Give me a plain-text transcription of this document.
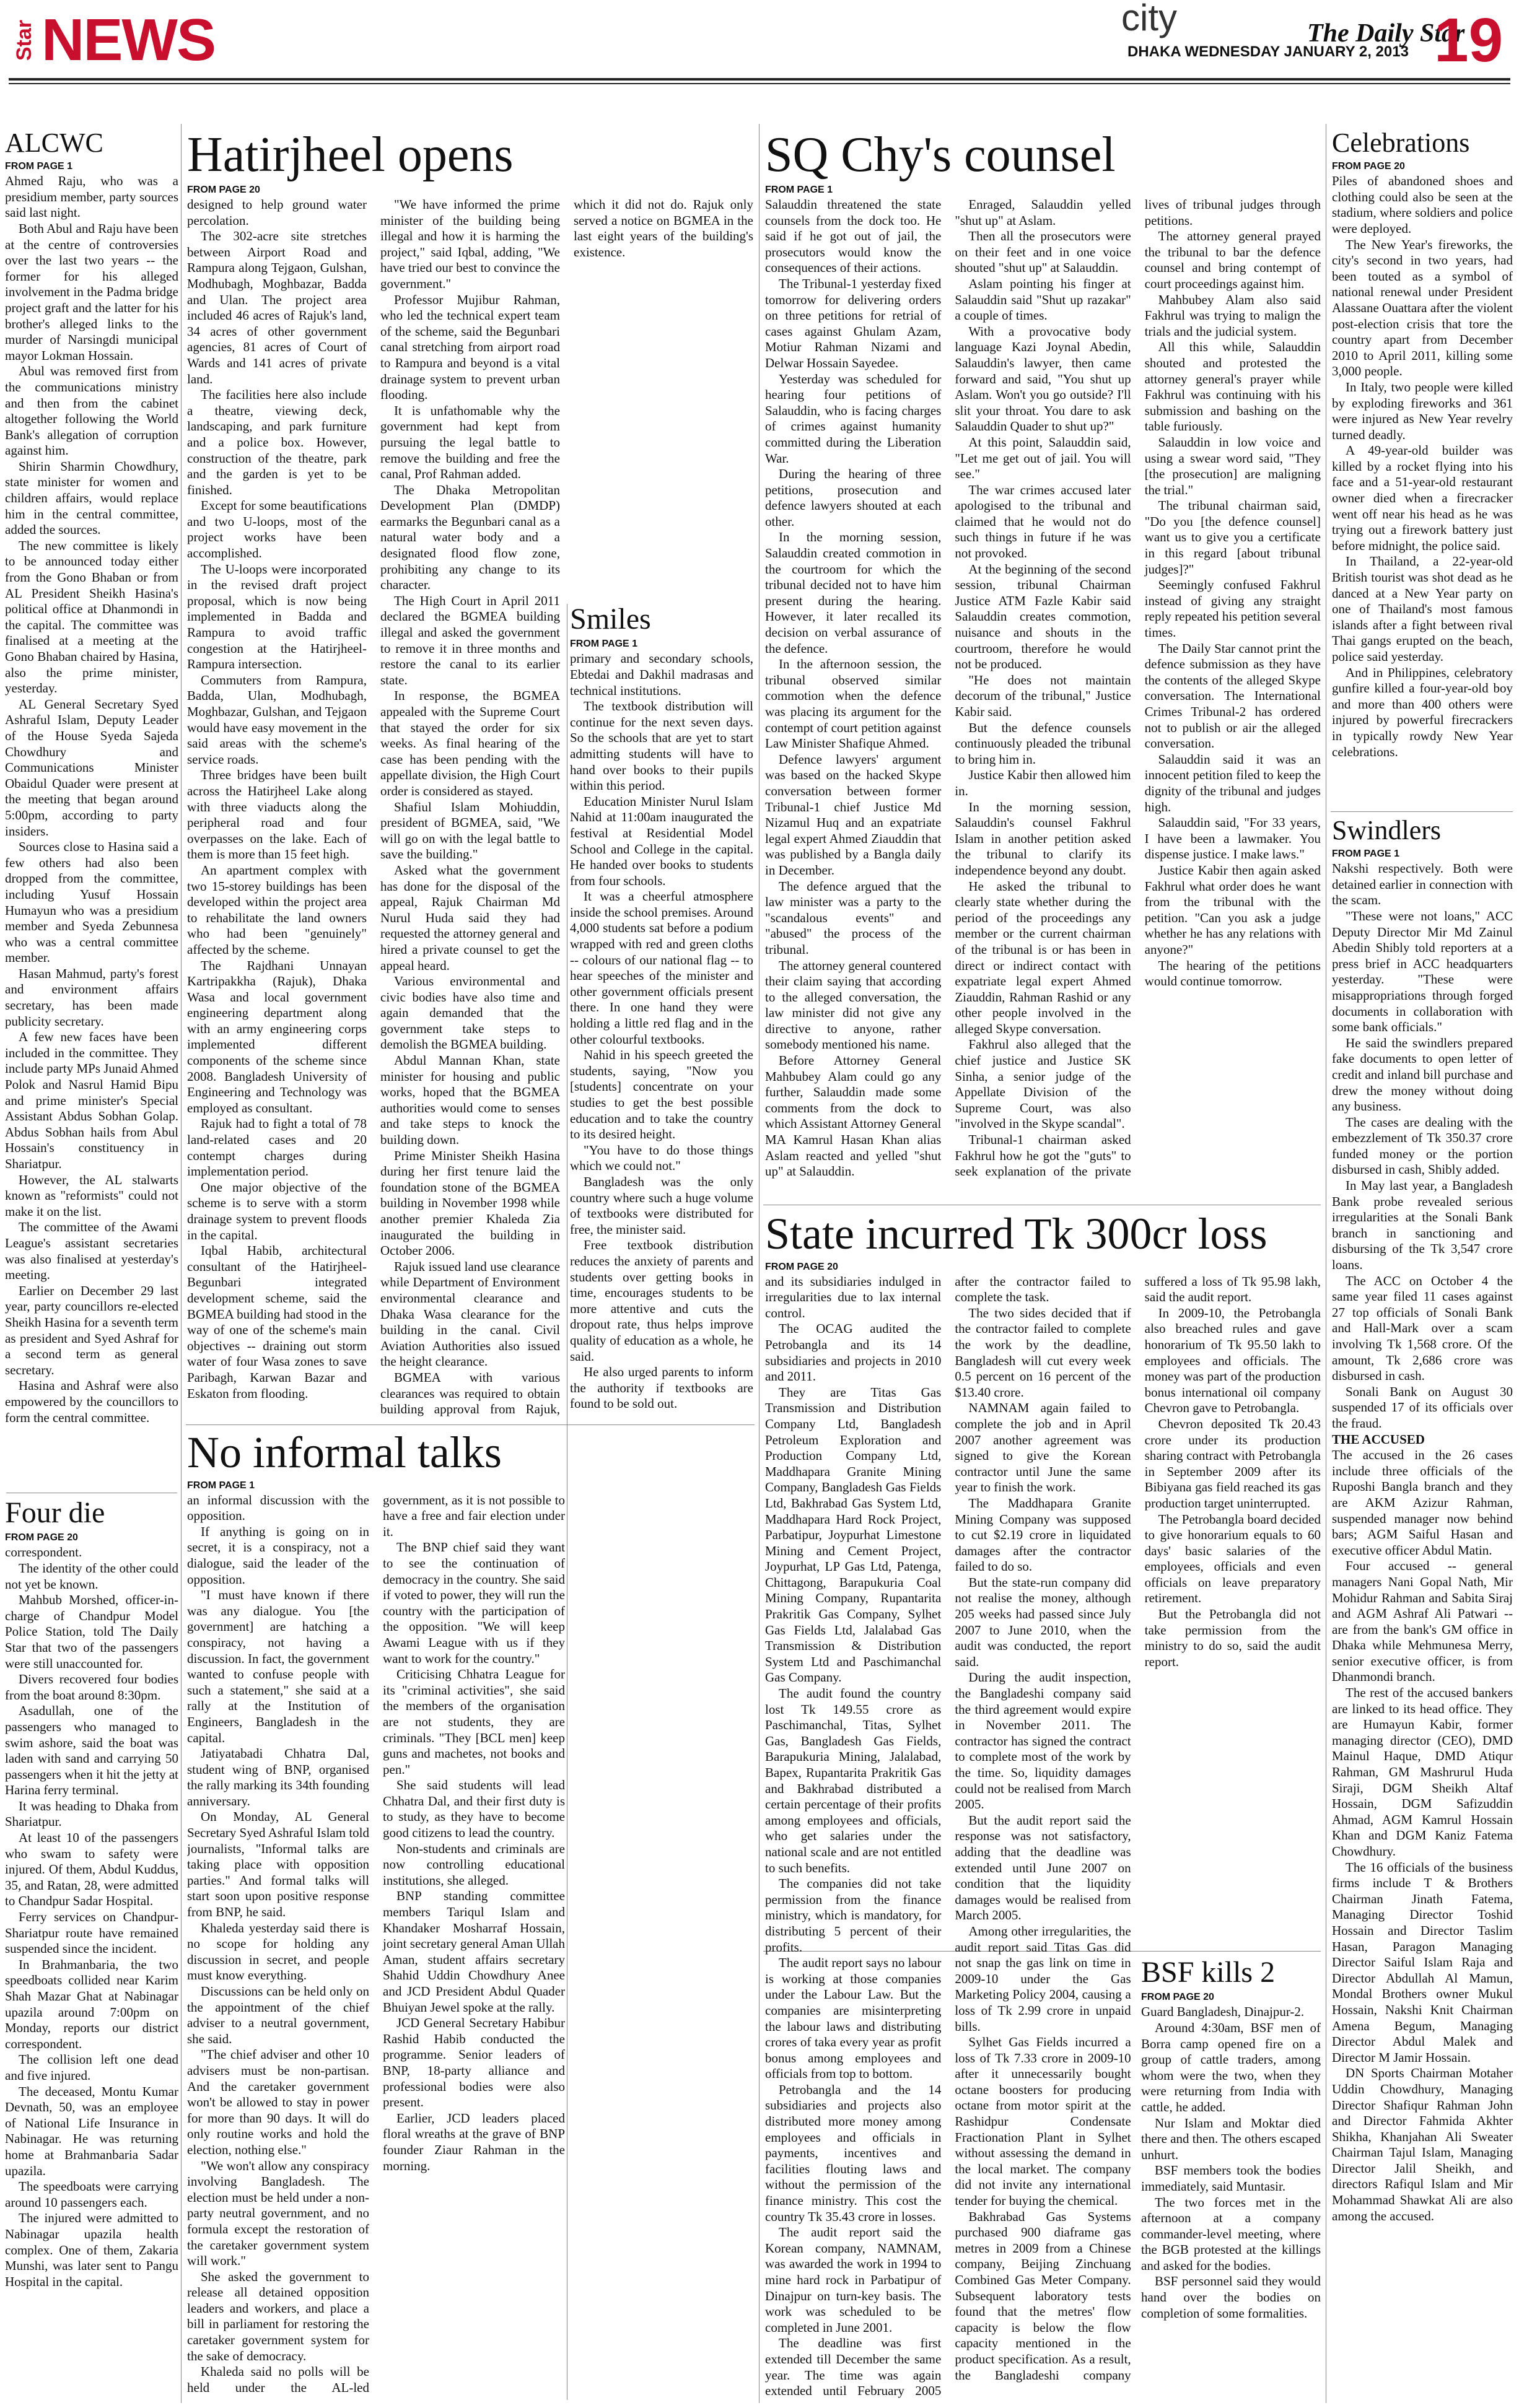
Star NEWS	city	The Daily Star
19
DHAKA WEDNESDAY JANUARY 2, 2013
ALCWC
FROM PAGE 1

Ahmed Raju, who was a presidium member, party sources said last night.

Both Abul and Raju have been at the centre of controversies over the last two years -- the former for his alleged involvement in the Padma bridge project graft and the latter for his brother's alleged links to the murder of Narsingdi municipal mayor Lokman Hossain.

Abul was removed first from the communications ministry and then from the cabinet altogether following the World Bank's allegation of corruption against him.

Shirin Sharmin Chowdhury, state minister for women and children affairs, would replace him in the central committee, added the sources.

The new committee is likely to be announced today either from the Gono Bhaban or from AL President Sheikh Hasina's political office at Dhanmondi in the capital. The committee was finalised at a meeting at the Gono Bhaban chaired by Hasina, also the prime minister, yesterday.

AL General Secretary Syed Ashraful Islam, Deputy Leader of the House Syeda Sajeda Chowdhury and Communications Minister Obaidul Quader were present at the meeting that began around 5:00pm, according to party insiders.

Sources close to Hasina said a few others had also been dropped from the committee, including Yusuf Hossain Humayun who was a presidium member and Syeda Zebunnesa who was a central committee member.

Hasan Mahmud, party's forest and environment affairs secretary, has been made publicity secretary.

A few new faces have been included in the committee. They include party MPs Junaid Ahmed Polok and Nasrul Hamid Bipu and prime minister's Special Assistant Abdus Sobhan Golap. Abdus Sobhan hails from Abul Hossain's constituency in Shariatpur.

However, the AL stalwarts known as "reformists" could not make it on the list.

The committee of the Awami League's assistant secretaries was also finalised at yesterday's meeting.

Earlier on December 29 last year, party councillors re-elected Sheikh Hasina for a seventh term as president and Syed Ashraf for a second term as general secretary.

Hasina and Ashraf were also empowered by the councillors to form the central committee.

Four die
FROM PAGE 20

correspondent.

The identity of the other could not yet be known.

Mahbub Morshed, officer-in-charge of Chandpur Model Police Station, told The Daily Star that two of the passengers were still unaccounted for.

Divers recovered four bodies from the boat around 8:30pm.

Asadullah, one of the passengers who managed to swim ashore, said the boat was laden with sand and carrying 50 passengers when it hit the jetty at Harina ferry terminal.

It was heading to Dhaka from Shariatpur.

At least 10 of the passengers who swam to safety were injured. Of them, Abdul Kuddus, 35, and Ratan, 28, were admitted to Chandpur Sadar Hospital.

Ferry services on Chandpur-Shariatpur route have remained suspended since the incident.

In Brahmanbaria, the two speedboats collided near Karim Shah Mazar Ghat at Nabinagar upazila around 7:00pm on Monday, reports our district correspondent.

The collision left one dead and five injured.

The deceased, Montu Kumar Devnath, 50, was an employee of National Life Insurance in Nabinagar. He was returning home at Brahmanbaria Sadar upazila.

The speedboats were carrying around 10 passengers each.

The injured were admitted to Nabinagar upazila health complex. One of them, Zakaria Munshi, was later sent to Pangu Hospital in the capital.

Hatirjheel opens
FROM PAGE 20

designed to help ground water percolation.

The 302-acre site stretches between Airport Road and Rampura along Tejgaon, Gulshan, Modhubagh, Moghbazar, Badda and Ulan. The project area included 46 acres of Rajuk's land, 34 acres of other government agencies, 81 acres of Court of Wards and 141 acres of private land.

The facilities here also include a theatre, viewing deck, landscaping, and park furniture and a police box. However, construction of the theatre, park and the garden is yet to be finished.

Except for some beautifications and two U-loops, most of the project works have been accomplished.

The U-loops were incorporated in the revised draft project proposal, which is now being implemented in Badda and Rampura to avoid traffic congestion at the Hatirjheel-Rampura intersection.

Commuters from Rampura, Badda, Ulan, Modhubagh, Moghbazar, Gulshan, and Tejgaon would have easy movement in the said areas with the scheme's service roads.

Three bridges have been built across the Hatirjheel Lake along with three viaducts along the peripheral road and four overpasses on the lake. Each of them is more than 15 feet high.

An apartment complex with two 15-storey buildings has been developed within the project area to rehabilitate the land owners who had been "genuinely" affected by the scheme.

The Rajdhani Unnayan Kartripakkha (Rajuk), Dhaka Wasa and local government engineering department along with an army engineering corps implemented different components of the scheme since 2008. Bangladesh University of Engineering and Technology was employed as consultant.

Rajuk had to fight a total of 78 land-related cases and 20 contempt charges during implementation period.

One major objective of the scheme is to serve with a storm drainage system to prevent floods in the capital.

Iqbal Habib, architectural consultant of the Hatirjheel-Begunbari integrated development scheme, said the BGMEA building had stood in the way of one of the scheme's main objectives -- draining out storm water of four Wasa zones to save Paribagh, Karwan Bazar and Eskaton from flooding.

"We have informed the prime minister of the building being illegal and how it is harming the project," said Iqbal, adding, "We have tried our best to convince the government."

Professor Mujibur Rahman, who led the technical expert team of the scheme, said the Begunbari canal stretching from airport road to Rampura and beyond is a vital drainage system to prevent urban flooding.

It is unfathomable why the government had kept from pursuing the legal battle to remove the building and free the canal, Prof Rahman added.

The Dhaka Metropolitan Development Plan (DMDP) earmarks the Begunbari canal as a natural water body and a designated flood flow zone, prohibiting any change to its character.

The High Court in April 2011 declared the BGMEA building illegal and asked the government to remove it in three months and restore the canal to its earlier state.

In response, the BGMEA appealed with the Supreme Court that stayed the order for six weeks. As final hearing of the case has been pending with the appellate division, the High Court order is considered as stayed.

Shafiul Islam Mohiuddin, president of BGMEA, said, "We will go on with the legal battle to save the building."

Asked what the government has done for the disposal of the appeal, Rajuk Chairman Md Nurul Huda said they had requested the attorney general and hired a private counsel to get the appeal heard.

Various environmental and civic bodies have also time and again demanded that the government take steps to demolish the BGMEA building.

Abdul Mannan Khan, state minister for housing and public works, hoped that the BGMEA authorities would come to senses and take steps to knock the building down.

Prime Minister Sheikh Hasina during her first tenure laid the foundation stone of the BGMEA building in November 1998 while another premier Khaleda Zia inaugurated the building in October 2006.

Rajuk issued land use clearance while Department of Environment environmental clearance and Dhaka Wasa clearance for the building in the canal. Civil Aviation Authorities also issued the height clearance.

BGMEA with various clearances was required to obtain building approval from Rajuk, which it did not do. Rajuk only served a notice on BGMEA in the last eight years of the building's existence.

Smiles
FROM PAGE 1

primary and secondary schools, Ebtedai and Dakhil madrasas and technical institutions.

The textbook distribution will continue for the next seven days. So the schools that are yet to start admitting students will have to hand over books to their pupils within this period.

Education Minister Nurul Islam Nahid at 11:00am inaugurated the festival at Residential Model School and College in the capital. He handed over books to students from four schools.

It was a cheerful atmosphere inside the school premises. Around 4,000 students sat before a podium wrapped with red and green cloths -- colours of our national flag -- to hear speeches of the minister and other government officials present there. In one hand they were holding a little red flag and in the other colourful textbooks.

Nahid in his speech greeted the students, saying, "Now you [students] concentrate on your studies to get the best possible education and to take the country to its desired height.

"You have to do those things which we could not."

Bangladesh was the only country where such a huge volume of textbooks were distributed for free, the minister said.

Free textbook distribution reduces the anxiety of parents and students over getting books in time, encourages students to be more attentive and cuts the dropout rate, thus helps improve quality of education as a whole, he said.

He also urged parents to inform the authority if textbooks are found to be sold out.

No informal talks
FROM PAGE 1

an informal discussion with the opposition.

If anything is going on in secret, it is a conspiracy, not a dialogue, said the leader of the opposition.

"I must have known if there was any dialogue. You [the government] are hatching a conspiracy, not having a discussion. In fact, the government wanted to confuse people with such a statement," she said at a rally at the Institution of Engineers, Bangladesh in the capital.

Jatiyatabadi Chhatra Dal, student wing of BNP, organised the rally marking its 34th founding anniversary.

On Monday, AL General Secretary Syed Ashraful Islam told journalists, "Informal talks are taking place with opposition parties." And formal talks will start soon upon positive response from BNP, he said.

Khaleda yesterday said there is no scope for holding any discussion in secret, and people must know everything.

Discussions can be held only on the appointment of the chief adviser to a neutral government, she said.

"The chief adviser and other 10 advisers must be non-partisan. And the caretaker government won't be allowed to stay in power for more than 90 days. It will do only routine works and hold the election, nothing else."

"We won't allow any conspiracy involving Bangladesh. The election must be held under a non-party neutral government, and no formula except the restoration of the caretaker government system will work."

She asked the government to release all detained opposition leaders and workers, and place a bill in parliament for restoring the caretaker government system for the sake of democracy.

Khaleda said no polls will be held under the AL-led government, as it is not possible to have a free and fair election under it.

The BNP chief said they want to see the continuation of democracy in the country. She said if voted to power, they will run the country with the participation of the opposition. "We will keep Awami League with us if they want to work for the country."

Criticising Chhatra League for its "criminal activities", she said the members of the organisation are not students, they are criminals. "They [BCL men] keep guns and machetes, not books and pen."

She said students will lead Chhatra Dal, and their first duty is to study, as they have to become good citizens to lead the country.

Non-students and criminals are now controlling educational institutions, she alleged.

BNP standing committee members Tariqul Islam and Khandaker Mosharraf Hossain, joint secretary general Aman Ullah Aman, student affairs secretary Shahid Uddin Chowdhury Anee and JCD President Abdul Quader Bhuiyan Jewel spoke at the rally.

JCD General Secretary Habibur Rashid Habib conducted the programme. Senior leaders of BNP, 18-party alliance and professional bodies were also present.

Earlier, JCD leaders placed floral wreaths at the grave of BNP founder Ziaur Rahman in the morning.

SQ Chy's counsel
FROM PAGE 1

Salauddin threatened the state counsels from the dock too. He said if he got out of jail, the prosecutors would know the consequences of their actions.

The Tribunal-1 yesterday fixed tomorrow for delivering orders on three petitions for retrial of cases against Ghulam Azam, Motiur Rahman Nizami and Delwar Hossain Sayedee.

Yesterday was scheduled for hearing four petitions of Salauddin, who is facing charges of crimes against humanity committed during the Liberation War.

During the hearing of three petitions, prosecution and defence lawyers shouted at each other.

In the morning session, Salauddin created commotion in the courtroom for which the tribunal decided not to have him present during the hearing. However, it later recalled its decision on verbal assurance of the defence.

In the afternoon session, the tribunal observed similar commotion when the defence was placing its argument for the contempt of court petition against Law Minister Shafique Ahmed.

Defence lawyers' argument was based on the hacked Skype conversation between former Tribunal-1 chief Justice Md Nizamul Huq and an expatriate legal expert Ahmed Ziauddin that was published by a Bangla daily in December.

The defence argued that the law minister was a party to the "scandalous events" and "abused" the process of the tribunal.

The attorney general countered their claim saying that according to the alleged conversation, the law minister did not give any directive to anyone, rather somebody mentioned his name.

Before Attorney General Mahbubey Alam could go any further, Salauddin made some comments from the dock to which Assistant Attorney General MA Kamrul Hasan Khan alias Aslam reacted and yelled "shut up" at Salauddin.

Enraged, Salauddin yelled "shut up" at Aslam.

Then all the prosecutors were on their feet and in one voice shouted "shut up" at Salauddin.

Aslam pointing his finger at Salauddin said "Shut up razakar" a couple of times.

With a provocative body language Kazi Joynal Abedin, Salauddin's lawyer, then came forward and said, "You shut up Aslam. Won't you go outside? I'll slit your throat. You dare to ask Salauddin Quader to shut up?"

At this point, Salauddin said, "Let me get out of jail. You will see."

The war crimes accused later apologised to the tribunal and claimed that he would not do such things in future if he was not provoked.

At the beginning of the second session, tribunal Chairman Justice ATM Fazle Kabir said Salauddin creates commotion, nuisance and shouts in the courtroom, therefore he would not be produced.

"He does not maintain decorum of the tribunal," Justice Kabir said.

But the defence counsels continuously pleaded the tribunal to bring him in.

Justice Kabir then allowed him in.

In the morning session, Salauddin's counsel Fakhrul Islam in another petition asked the tribunal to clarify its independence beyond any doubt.

He asked the tribunal to clearly state whether during the period of the proceedings any member or the current chairman of the tribunal is or has been in direct or indirect contact with expatriate legal expert Ahmed Ziauddin, Rahman Rashid or any other people involved in the alleged Skype conversation.

Fakhrul also alleged that the chief justice and Justice SK Sinha, a senior judge of the Appellate Division of the Supreme Court, was also "involved in the Skype scandal".

Tribunal-1 chairman asked Fakhrul how he got the "guts" to seek explanation of the private lives of tribunal judges through petitions.

The attorney general prayed the tribunal to bar the defence counsel and bring contempt of court proceedings against him.

Mahbubey Alam also said Fakhrul was trying to malign the trials and the judicial system.

All this while, Salauddin shouted and protested the attorney general's prayer while Fakhrul was continuing with his submission and bashing on the table furiously.

Salauddin in low voice and using a swear word said, "They [the prosecution] are maligning the trial."

The tribunal chairman said, "Do you [the defence counsel] want us to give you a certificate in this regard [about tribunal judges]?"

Seemingly confused Fakhrul instead of giving any straight reply repeated his petition several times.

The Daily Star cannot print the defence submission as they have the contents of the alleged Skype conversation. The International Crimes Tribunal-2 has ordered not to publish or air the alleged conversation.

Salauddin said it was an innocent petition filed to keep the dignity of the tribunal and judges high.

Salauddin said, "For 33 years, I have been a lawmaker. You dispense justice. I make laws."

Justice Kabir then again asked Fakhrul what order does he want from the tribunal with the petition. "Can you ask a judge whether he has any relations with anyone?"

The hearing of the petitions would continue tomorrow.

State incurred Tk 300cr loss
FROM PAGE 20

and its subsidiaries indulged in irregularities due to lax internal control.

The OCAG audited the Petrobangla and its 14 subsidiaries and projects in 2010 and 2011.

They are Titas Gas Transmission and Distribution Company Ltd, Bangladesh Petroleum Exploration and Production Company Ltd, Maddhapara Granite Mining Company, Bangladesh Gas Fields Ltd, Bakhrabad Gas System Ltd, Maddhapara Hard Rock Project, Parbatipur, Joypurhat Limestone Mining and Cement Project, Joypurhat, LP Gas Ltd, Patenga, Chittagong, Barapukuria Coal Mining Company, Rupantarita Prakritik Gas Company, Sylhet Gas Fields Ltd, Jalalabad Gas Transmission & Distribution System Ltd and Paschimanchal Gas Company.

The audit found the country lost Tk 149.55 crore as Paschimanchal, Titas, Sylhet Gas, Bangladesh Gas Fields, Barapukuria Mining, Jalalabad, Bapex, Rupantarita Prakritik Gas and Bakhrabad distributed a certain percentage of their profits among employees and officials, who get salaries under the national scale and are not entitled to such benefits.

The companies did not take permission from the finance ministry, which is mandatory, for distributing 5 percent of their profits.

The audit report says no labour is working at those companies under the Labour Law. But the companies are misinterpreting the labour laws and distributing crores of taka every year as profit bonus among employees and officials from top to bottom.

Petrobangla and the 14 subsidiaries and projects also distributed more money among employees and officials in payments, incentives and facilities flouting laws and without the permission of the finance ministry. This cost the country Tk 35.43 crore in losses.

The audit report said the Korean company, NAMNAM, was awarded the work in 1994 to mine hard rock in Parbatipur of Dinajpur on turn-key basis. The work was scheduled to be completed in June 2001.

The deadline was first extended till December the same year. The time was again extended until February 2005 after the contractor failed to complete the task.

The two sides decided that if the contractor failed to complete the work by the deadline, Bangladesh will cut every week 0.5 percent on 16 percent of the $13.40 crore.

NAMNAM again failed to complete the job and in April 2007 another agreement was signed to give the Korean contractor until June the same year to finish the work.

The Maddhapara Granite Mining Company was supposed to cut $2.19 crore in liquidated damages after the contractor failed to do so.

But the state-run company did not realise the money, although 205 weeks had passed since July 2007 to June 2010, when the audit was conducted, the report said.

During the audit inspection, the Bangladeshi company said the third agreement would expire in November 2011. The contractor has signed the contract to complete most of the work by the time. So, liquidity damages could not be realised from March 2005.

But the audit report said the response was not satisfactory, adding that the deadline was extended until June 2007 on condition that the liquidity damages would be realised from March 2005.

Among other irregularities, the audit report said Titas Gas did not snap the gas link on time in 2009-10 under the Gas Marketing Policy 2004, causing a loss of Tk 2.99 crore in unpaid bills.

Sylhet Gas Fields incurred a loss of Tk 7.33 crore in 2009-10 after it unnecessarily bought octane boosters for producing octane from motor spirit at the Rashidpur Condensate Fractionation Plant in Sylhet without assessing the demand in the local market. The company did not invite any international tender for buying the chemical.

Bakhrabad Gas Systems purchased 900 diaframe gas metres in 2009 from a Chinese company, Beijing Zinchuang Combined Gas Meter Company. Subsequent laboratory tests found that the metres' flow capacity is below the flow capacity mentioned in the product specification. As a result, the Bangladeshi company suffered a loss of Tk 95.98 lakh, said the audit report.

In 2009-10, the Petrobangla also breached rules and gave honorarium of Tk 95.50 lakh to employees and officials. The money was part of the production bonus international oil company Chevron gave to Petrobangla.

Chevron deposited Tk 20.43 crore under its production sharing contract with Petrobangla in September 2009 after its Bibiyana gas field reached its gas production target uninterrupted.

The Petrobangla board decided to give honorarium equals to 60 days' basic salaries of the employees, officials and even officials on leave preparatory retirement.

But the Petrobangla did not take permission from the ministry to do so, said the audit report.

Celebrations
FROM PAGE 20

Piles of abandoned shoes and clothing could also be seen at the stadium, where soldiers and police were deployed.

The New Year's fireworks, the city's second in two years, had been touted as a symbol of national renewal under President Alassane Ouattara after the violent post-election crisis that tore the country apart from December 2010 to April 2011, killing some 3,000 people.

In Italy, two people were killed by exploding fireworks and 361 were injured as New Year revelry turned deadly.

A 49-year-old builder was killed by a rocket flying into his face and a 51-year-old restaurant owner died when a firecracker went off near his head as he was trying out a firework battery just before midnight, the police said.

In Thailand, a 22-year-old British tourist was shot dead as he danced at a New Year party on one of Thailand's most famous islands after a fight between rival Thai gangs erupted on the beach, police said yesterday.

And in Philippines, celebratory gunfire killed a four-year-old boy and more than 400 others were injured by powerful firecrackers in typically rowdy New Year celebrations.

Swindlers
FROM PAGE 1

Nakshi respectively. Both were detained earlier in connection with the scam.

"These were not loans," ACC Deputy Director Mir Md Zainul Abedin Shibly told reporters at a press brief in ACC headquarters yesterday. "These were misappropriations through forged documents in collaboration with some bank officials."

He said the swindlers prepared fake documents to open letter of credit and inland bill purchase and drew the money without doing any business.

The cases are dealing with the embezzlement of Tk 350.37 crore funded money or the portion disbursed in cash, Shibly added.

In May last year, a Bangladesh Bank probe revealed serious irregularities at the Sonali Bank branch in sanctioning and disbursing of the Tk 3,547 crore loans.

The ACC on October 4 the same year filed 11 cases against 27 top officials of Sonali Bank and Hall-Mark over a scam involving Tk 1,568 crore. Of the amount, Tk 2,686 crore was disbursed in cash.

Sonali Bank on August 30 suspended 17 of its officials over the fraud.

THE ACCUSED

The accused in the 26 cases include three officials of the Ruposhi Bangla branch and they are AKM Azizur Rahman, suspended manager now behind bars; AGM Saiful Hasan and executive officer Abdul Matin.

Four accused -- general managers Nani Gopal Nath, Mir Mohidur Rahman and Sabita Siraj and AGM Ashraf Ali Patwari -- are from the bank's GM office in Dhaka while Mehmunesa Merry, senior executive officer, is from Dhanmondi branch.

The rest of the accused bankers are linked to its head office. They are Humayun Kabir, former managing director (CEO), DMD Mainul Haque, DMD Atiqur Rahman, GM Mashrurul Huda Siraji, DGM Sheikh Altaf Hossain, DGM Safizuddin Ahmad, AGM Kamrul Hossain Khan and DGM Kaniz Fatema Chowdhury.

The 16 officials of the business firms include T & Brothers Chairman Jinath Fatema, Managing Director Toshid Hossain and Director Taslim Hasan, Paragon Managing Director Saiful Islam Raja and Director Abdullah Al Mamun, Mondal Brothers owner Mukul Hossain, Nakshi Knit Chairman Amena Begum, Managing Director Abdul Malek and Director M Jamir Hossain.

DN Sports Chairman Motaher Uddin Chowdhury, Managing Director Shafiqur Rahman John and Director Fahmida Akhter Shikha, Khanjahan Ali Sweater Chairman Tajul Islam, Managing Director Jalil Sheikh, and directors Rafiqul Islam and Mir Mohammad Shawkat Ali are also among the accused.

BSF kills 2
FROM PAGE 20

Guard Bangladesh, Dinajpur-2.

Around 4:30am, BSF men of Borra camp opened fire on a group of cattle traders, among whom were the two, when they were returning from India with cattle, he added.

Nur Islam and Moktar died there and then. The others escaped unhurt.

BSF members took the bodies immediately, said Muntasir.

The two forces met in the afternoon at a company commander-level meeting, where the BGB protested at the killings and asked for the bodies.

BSF personnel said they would hand over the bodies on completion of some formalities.
